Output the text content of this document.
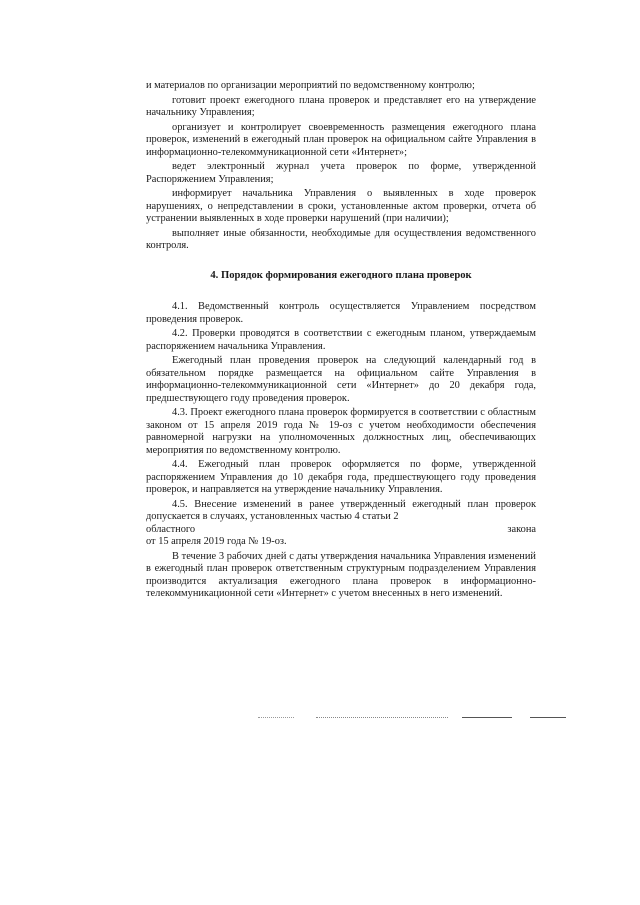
и материалов по организации мероприятий по ведомственному контролю;

готовит проект ежегодного плана проверок и представляет его на утверждение начальнику Управления;

организует и контролирует своевременность размещения ежегодного плана проверок, изменений в ежегодный план проверок на официальном сайте Управления в информационно-телекоммуникационной сети «Интернет»;

ведет электронный журнал учета проверок по форме, утвержденной Распоряжением Управления;

информирует начальника Управления о выявленных в ходе проверок нарушениях, о непредставлении в сроки, установленные актом проверки, отчета об устранении выявленных в ходе проверки нарушений (при наличии);

выполняет иные обязанности, необходимые для осуществления ведомственного контроля.

4. Порядок формирования ежегодного плана проверок

4.1. Ведомственный контроль осуществляется Управлением посредством проведения проверок.

4.2. Проверки проводятся в соответствии с ежегодным планом, утверждаемым распоряжением начальника Управления.

Ежегодный план проведения проверок на следующий календарный год в обязательном порядке размещается на официальном сайте Управления в информационно-телекоммуникационной сети «Интернет» до 20 декабря года, предшествующего году проведения проверок.

4.3. Проект ежегодного плана проверок формируется в соответствии с областным законом от 15 апреля 2019 года № 19-оз с учетом необходимости обеспечения равномерной нагрузки на уполномоченных должностных лиц, обеспечивающих мероприятия по ведомственному контролю.

4.4. Ежегодный план проверок оформляется по форме, утвержденной распоряжением Управления до 10 декабря года, предшествующего году проведения проверок, и направляется на утверждение начальнику Управления.

4.5. Внесение изменений в ранее утвержденный ежегодный план проверок допускается в случаях, установленных частью 4 статьи 2

областного	закона

от 15 апреля 2019 года № 19-оз.

В течение 3 рабочих дней с даты утверждения начальника Управления изменений в ежегодный план проверок ответственным структурным подразделением Управления производится актуализация ежегодного плана проверок в информационно-телекоммуникационной сети «Интернет» с учетом внесенных в него изменений.
